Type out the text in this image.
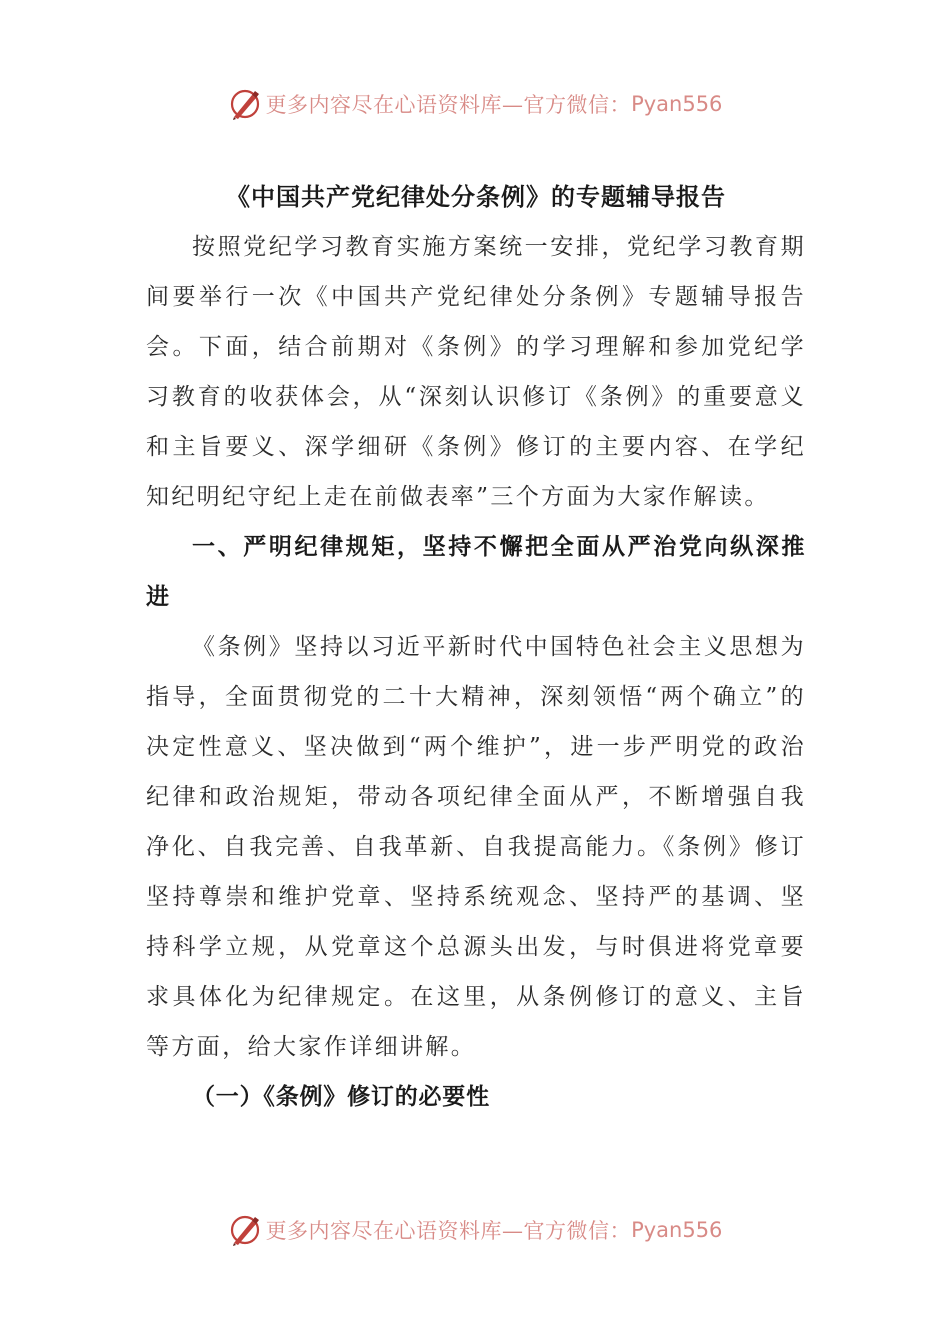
更多内容尽在心语资料库—官方微信： Pyan556

《中国共产党纪律处分条例》的专题辅导报告

按照党纪学习教育实施方案统一安排，党纪学习教育期间要举行一次《中国共产党纪律处分条例》专题辅导报告会。下面，结合前期对《条例》的学习理解和参加党纪学习教育的收获体会，从“深刻认识修订《条例》的重要意义和主旨要义、深学细研《条例》修订的主要内容、在学纪知纪明纪守纪上走在前做表率”三个方面为大家作解读。

一、严明纪律规矩，坚持不懈把全面从严治党向纵深推进

《条例》坚持以习近平新时代中国特色社会主义思想为指导，全面贯彻党的二十大精神，深刻领悟“两个确立”的决定性意义、坚决做到“两个维护”，进一步严明党的政治纪律和政治规矩，带动各项纪律全面从严，不断增强自我净化、自我完善、自我革新、自我提高能力。《条例》修订坚持尊崇和维护党章、坚持系统观念、坚持严的基调、坚持科学立规，从党章这个总源头出发，与时俱进将党章要求具体化为纪律规定。在这里，从条例修订的意义、主旨等方面，给大家作详细讲解。

（一）《条例》修订的必要性

更多内容尽在心语资料库—官方微信： Pyan556
